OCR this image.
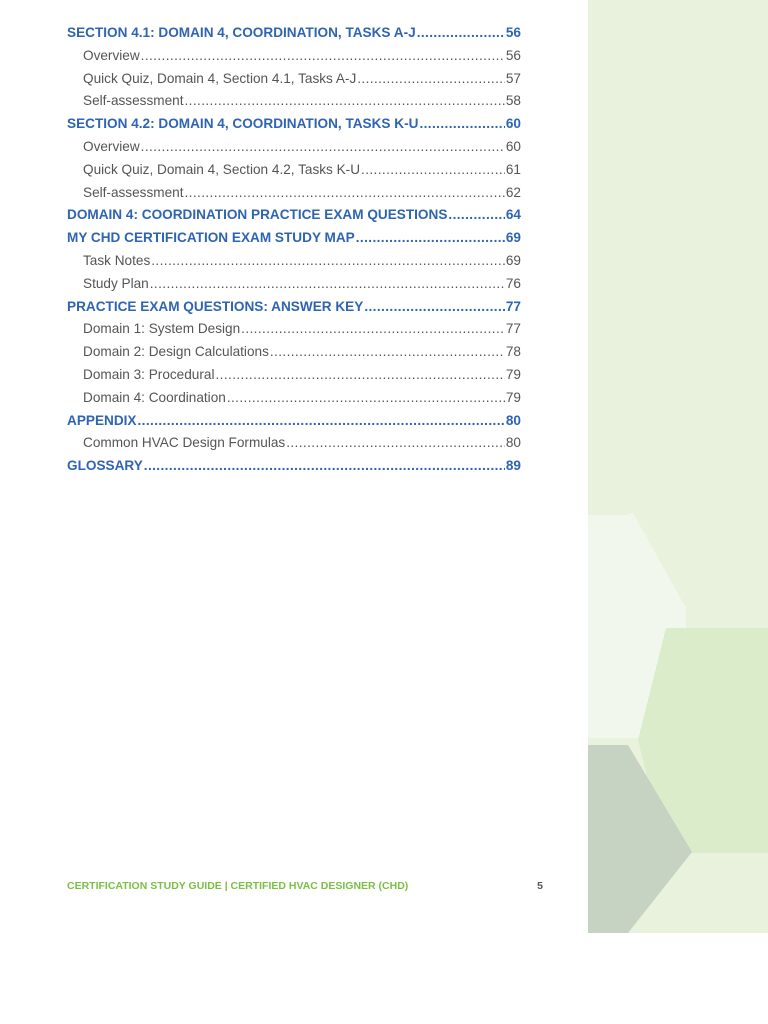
SECTION 4.1: DOMAIN 4, COORDINATION, TASKS A-J .....	56
Overview .....	56
Quick Quiz, Domain 4, Section 4.1, Tasks A-J .....	57
Self-assessment .....	58
SECTION 4.2: DOMAIN 4, COORDINATION, TASKS K-U .....	60
Overview .....	60
Quick Quiz, Domain 4, Section 4.2, Tasks K-U .....	61
Self-assessment .....	62
DOMAIN 4: COORDINATION PRACTICE EXAM QUESTIONS .....	64
MY CHD CERTIFICATION EXAM STUDY MAP .....	69
Task Notes .....	69
Study Plan .....	76
PRACTICE EXAM QUESTIONS: ANSWER KEY .....	77
Domain 1: System Design .....	77
Domain 2: Design Calculations .....	78
Domain 3: Procedural .....	79
Domain 4: Coordination .....	79
APPENDIX .....	80
Common HVAC Design Formulas .....	80
GLOSSARY .....	89
CERTIFICATION STUDY GUIDE | CERTIFIED HVAC DESIGNER (CHD)	5
